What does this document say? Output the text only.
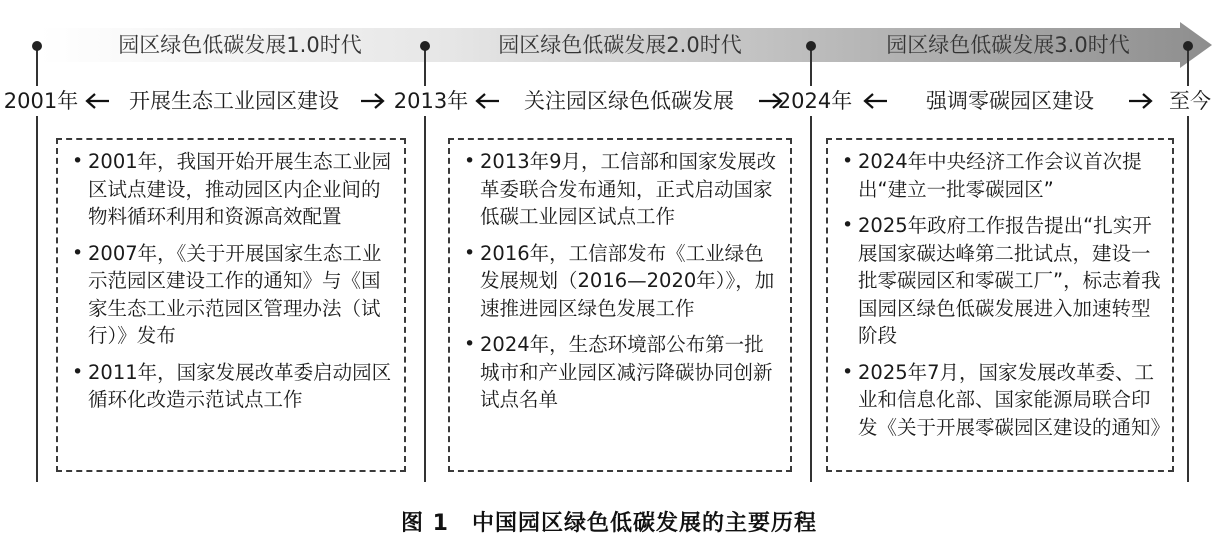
园区绿色低碳发展1.0时代	园区绿色低碳发展2.0时代	园区绿色低碳发展3.0时代
2001年	2013年	2024年	至今
开展生态工业园区建设	关注园区绿色低碳发展	强调零碳园区建设
• 2001年，我国开始开展生态工业园区试点建设，推动园区内企业间的物料循环利用和资源高效配置
• 2007年，《关于开展国家生态工业示范园区建设工作的通知》与《国家生态工业示范园区管理办法（试行）》发布
• 2011年，国家发展改革委启动园区循环化改造示范试点工作
• 2013年9月，工信部和国家发展改革委联合发布通知，正式启动国家低碳工业园区试点工作
• 2016年，工信部发布《工业绿色发展规划（2016—2020年）》，加速推进园区绿色发展工作
• 2024年，生态环境部公布第一批城市和产业园区减污降碳协同创新试点名单
• 2024年中央经济工作会议首次提出“建立一批零碳园区”
• 2025年政府工作报告提出“扎实开展国家碳达峰第二批试点，建设一批零碳园区和零碳工厂”，标志着我国园区绿色低碳发展进入加速转型阶段
• 2025年7月，国家发展改革委、工业和信息化部、国家能源局联合印发《关于开展零碳园区建设的通知》
图 1　中国园区绿色低碳发展的主要历程
